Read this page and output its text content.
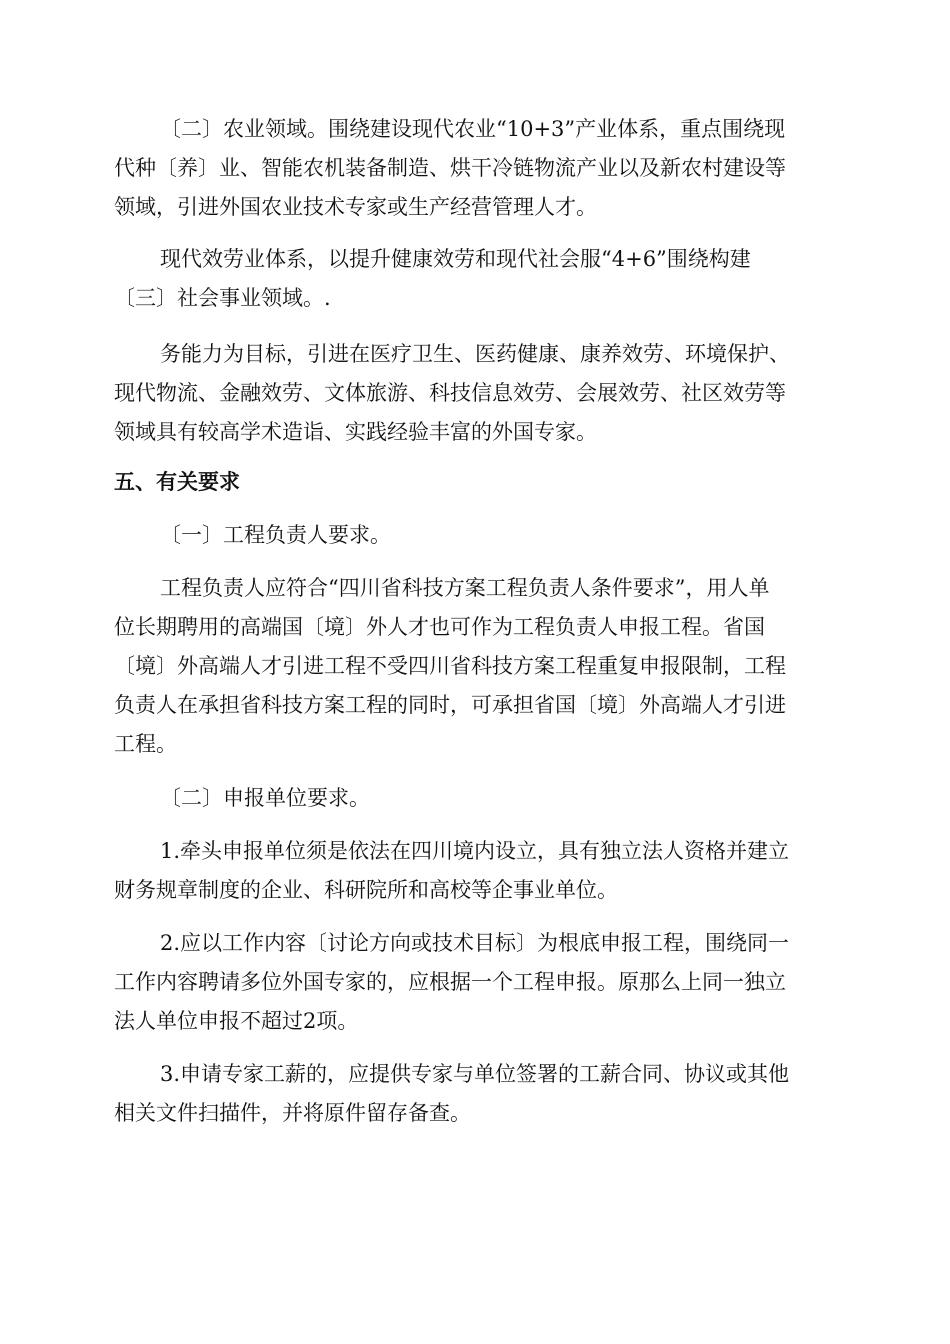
〔二〕农业领域。围绕建设现代农业“10+3”产业体系，重点围绕现
代种〔养〕业、智能农机装备制造、烘干冷链物流产业以及新农村建设等
领域，引进外国农业技术专家或生产经营管理人才。

现代效劳业体系，以提升健康效劳和现代社会服“4+6”围绕构建
〔三〕社会事业领域。.

务能力为目标，引进在医疗卫生、医药健康、康养效劳、环境保护、
现代物流、金融效劳、文体旅游、科技信息效劳、会展效劳、社区效劳等
领域具有较高学术造诣、实践经验丰富的外国专家。

五、有关要求

〔一〕工程负责人要求。

工程负责人应符合“四川省科技方案工程负责人条件要求”，用人单
位长期聘用的高端国〔境〕外人才也可作为工程负责人申报工程。省国
〔境〕外高端人才引进工程不受四川省科技方案工程重复申报限制，工程
负责人在承担省科技方案工程的同时，可承担省国〔境〕外高端人才引进
工程。

〔二〕申报单位要求。

1.牵头申报单位须是依法在四川境内设立，具有独立法人资格并建立
财务规章制度的企业、科研院所和高校等企事业单位。

2.应以工作内容〔讨论方向或技术目标〕为根底申报工程，围绕同一
工作内容聘请多位外国专家的，应根据一个工程申报。原那么上同一独立
法人单位申报不超过2项。

3.申请专家工薪的，应提供专家与单位签署的工薪合同、协议或其他
相关文件扫描件，并将原件留存备查。
